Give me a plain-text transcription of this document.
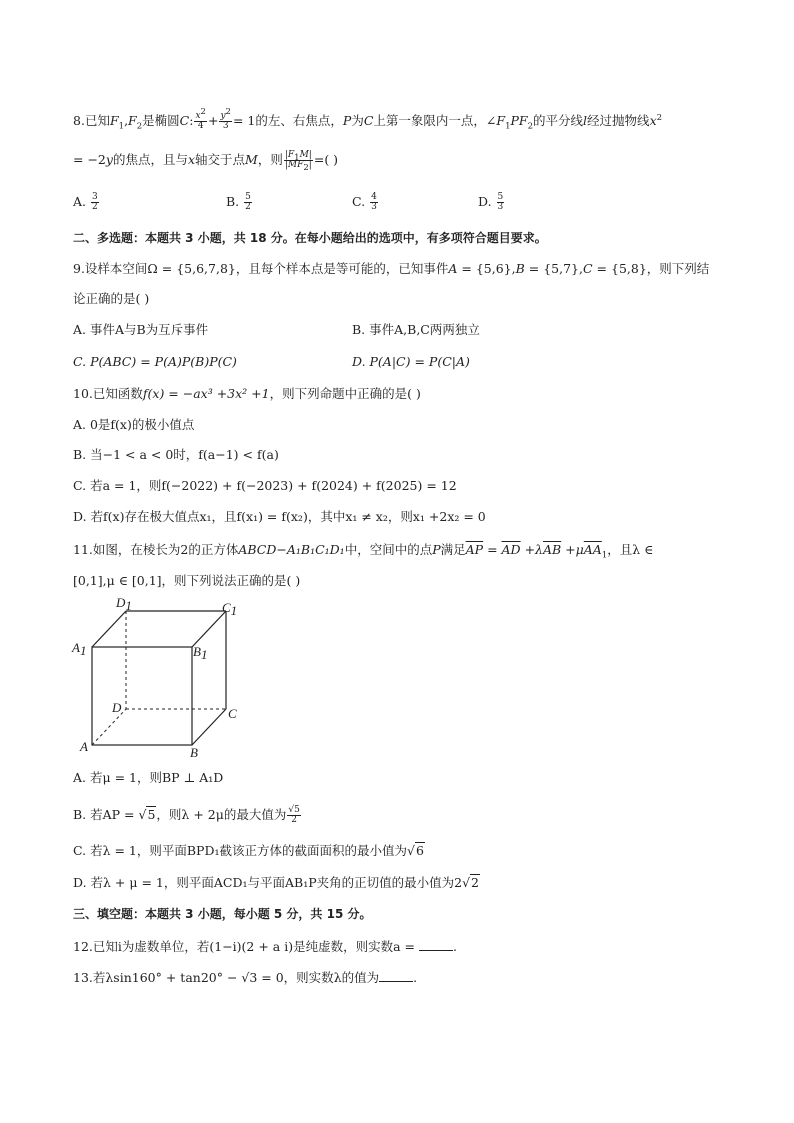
8.已知$F_1,F_2$是椭圆C: $\frac{x^2}{4} + \frac{y^2}{3} = 1$的左、右焦点，P为C上第一象限内一点，$\angle F_1PF_2$的平分线l经过抛物线$x^2$
= −2y的焦点，且与x轴交于点M，则 $\frac{|F_1M|}{|MF_2|}$ =( )
A. $\frac{3}{2}$	B. $\frac{5}{2}$	C. $\frac{4}{3}$	D. $\frac{5}{3}$
二、多选题：本题共 3 小题，共 18 分。在每小题给出的选项中，有多项符合题目要求。
9.设样本空间Ω = {5,6,7,8}，且每个样本点是等可能的，已知事件A = {5,6},B = {5,7},C = {5,8}，则下列结
论正确的是( )
A. 事件A与B为互斥事件	B. 事件A,B,C两两独立
C. P(ABC) = P(A)P(B)P(C)	D. P(A|C) = P(C|A)
10.已知函数f(x) = −ax³ +3x² +1，则下列命题中正确的是( )
A. 0是f(x)的极小值点
B. 当−1 < a < 0时，f(a−1) < f(a)
C. 若a = 1，则f(−2022) + f(−2023) + f(2024) + f(2025) = 12
D. 若f(x)存在极大值点x₁，且f(x₁) = f(x₂)，其中x₁ ≠ x₂，则x₁ +2x₂ = 0
11.如图，在棱长为2的正方体ABCD−A₁B₁C₁D₁中，空间中的点P满足$\overline{AP} = \overline{AD} +\lambda\overline{AB} +\mu\overline{AA}_1$，且λ ∈
[0,1],μ ∈ [0,1]，则下列说法正确的是( )
D1	C1
A1	B1
D	C
A	B
A. 若μ = 1，则BP ⊥ A₁D
B. 若AP = √5，则λ + 2μ的最大值为 $\frac{√5}{2}$
C. 若λ = 1，则平面BPD₁截该正方体的截面面积的最小值为√6
D. 若λ + μ = 1，则平面ACD₁与平面AB₁P夹角的正切值的最小值为2√2
三、填空题：本题共 3 小题，每小题 5 分，共 15 分。
12.已知i为虚数单位，若(1−i)(2 + a i)是纯虚数，则实数a =	.
13.若λsin160° + tan20° − √3 = 0，则实数λ的值为	.
